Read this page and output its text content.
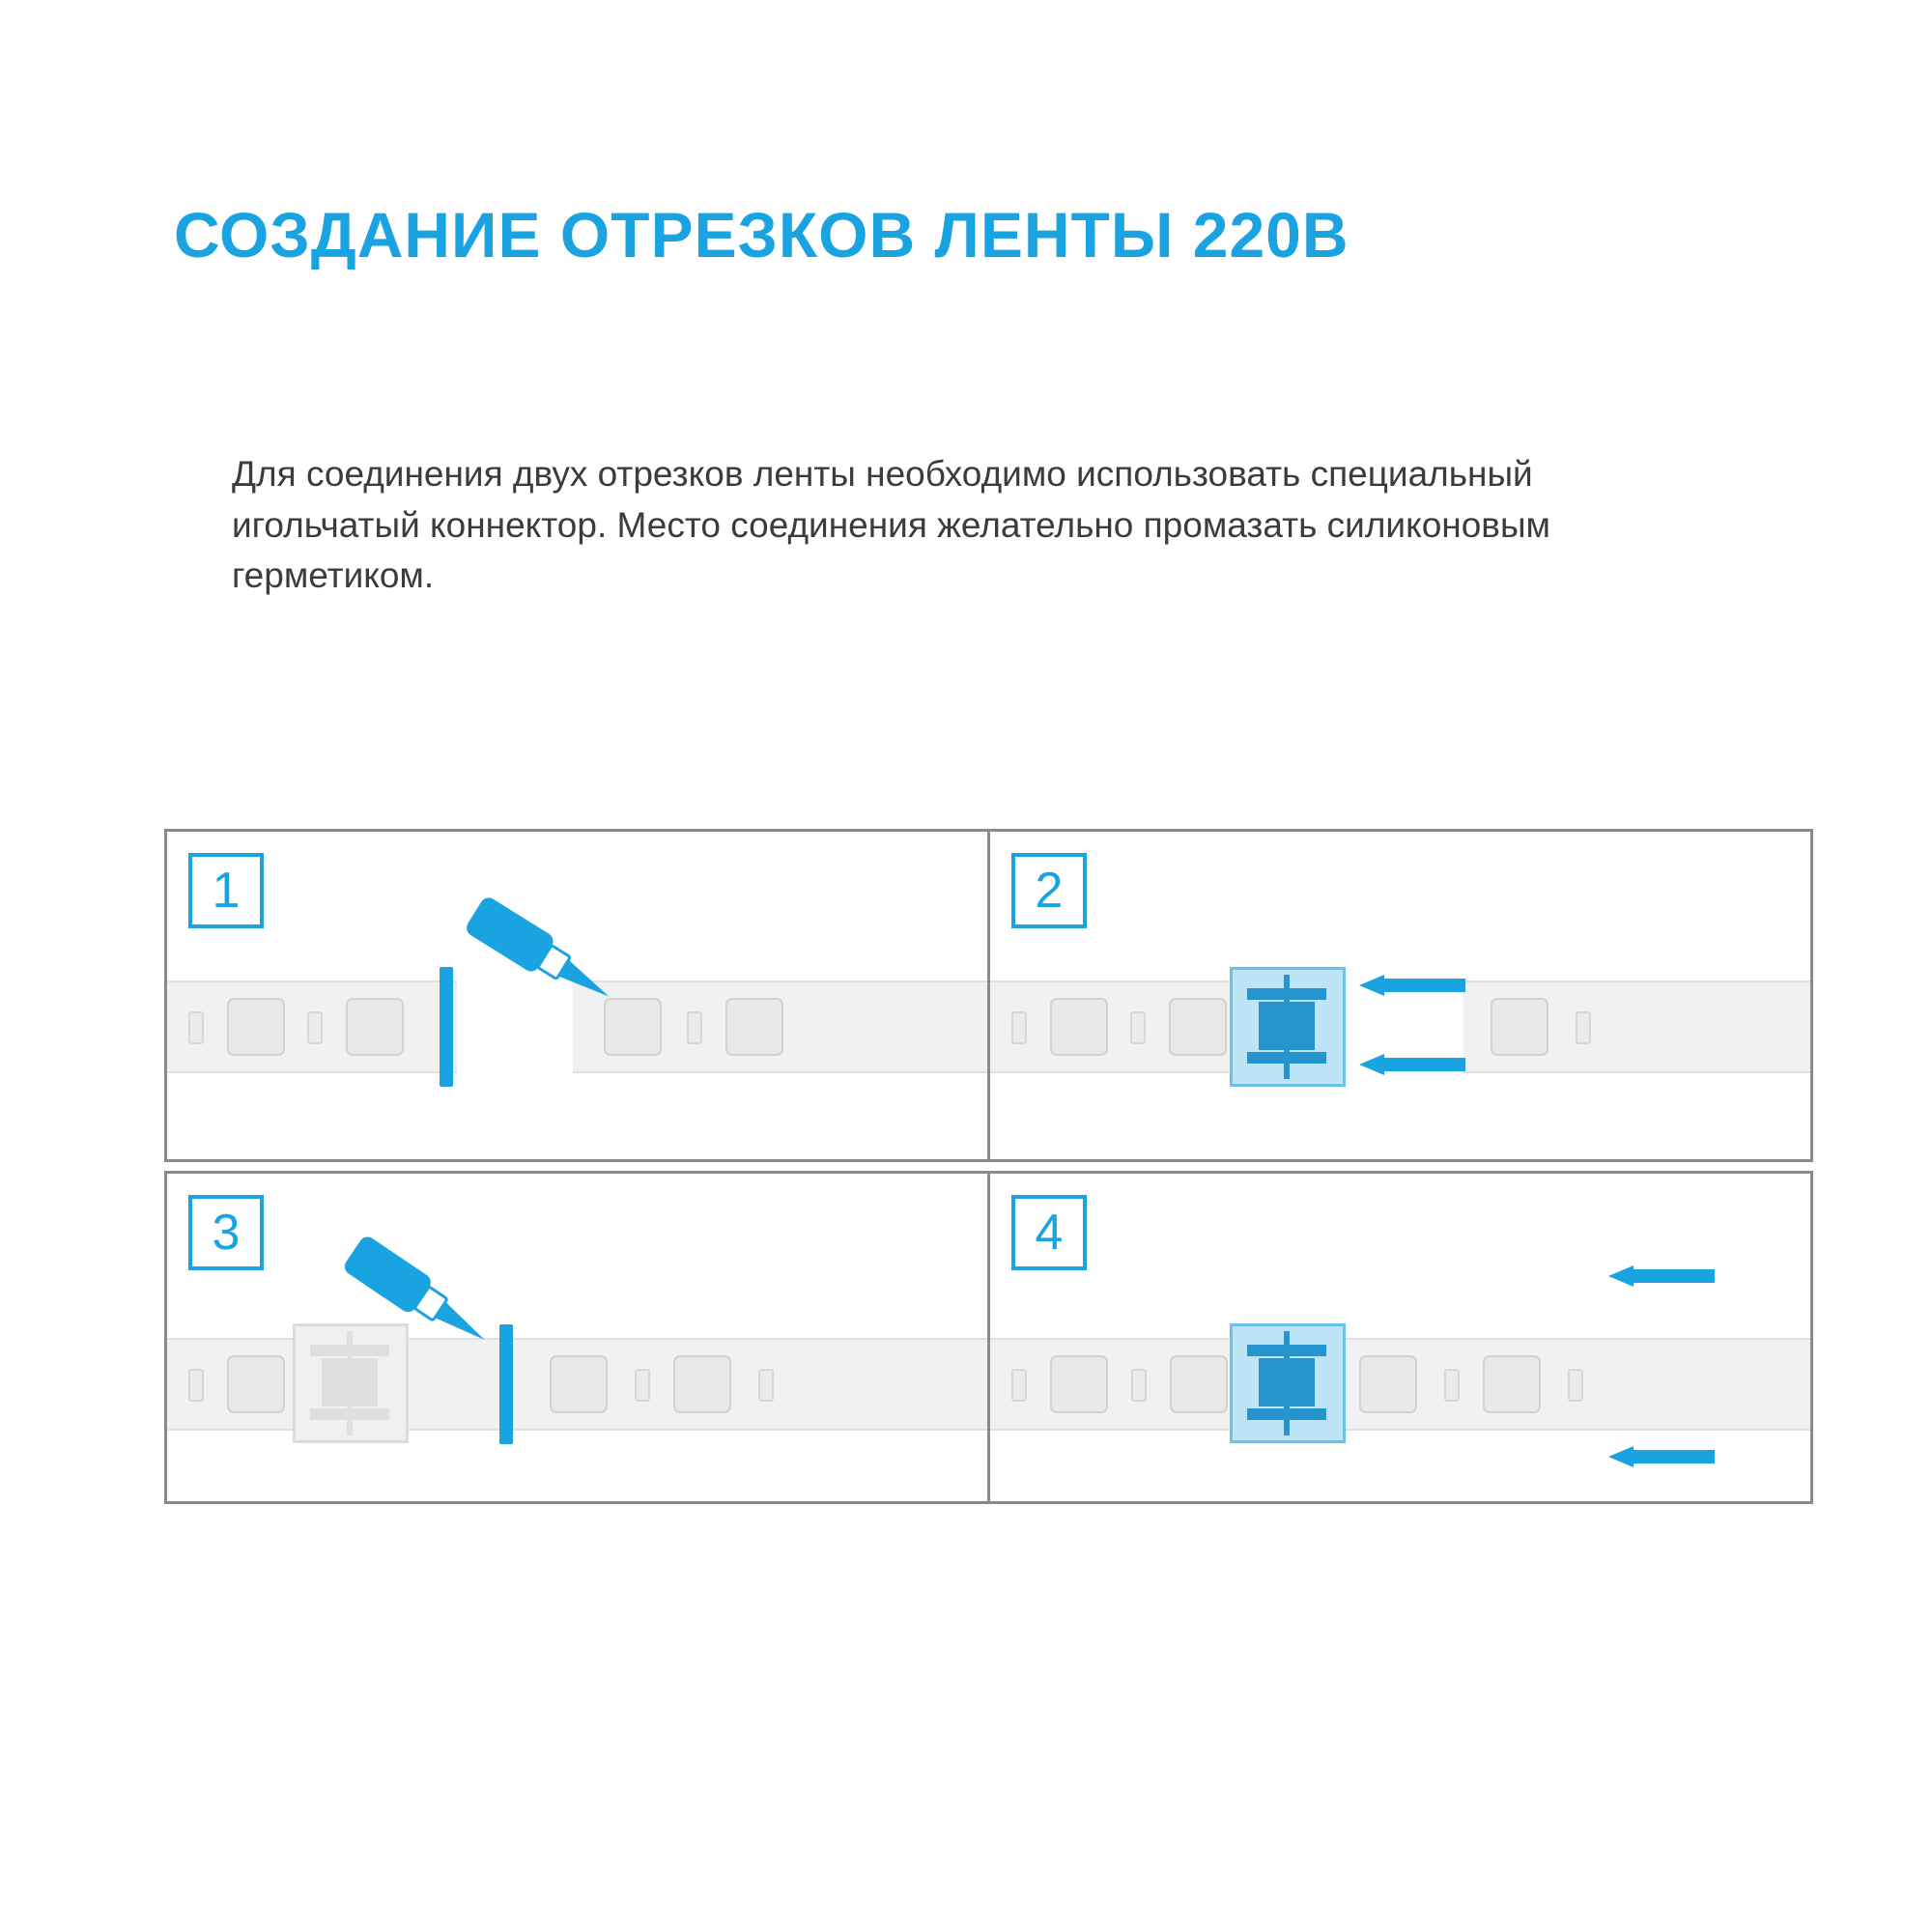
СОЗДАНИЕ ОТРЕЗКОВ ЛЕНТЫ 220В
Для соединения двух отрезков ленты необходимо использовать специальный игольчатый коннектор. Место соединения желательно промазать силиконовым герметиком.
1	2
3	4
